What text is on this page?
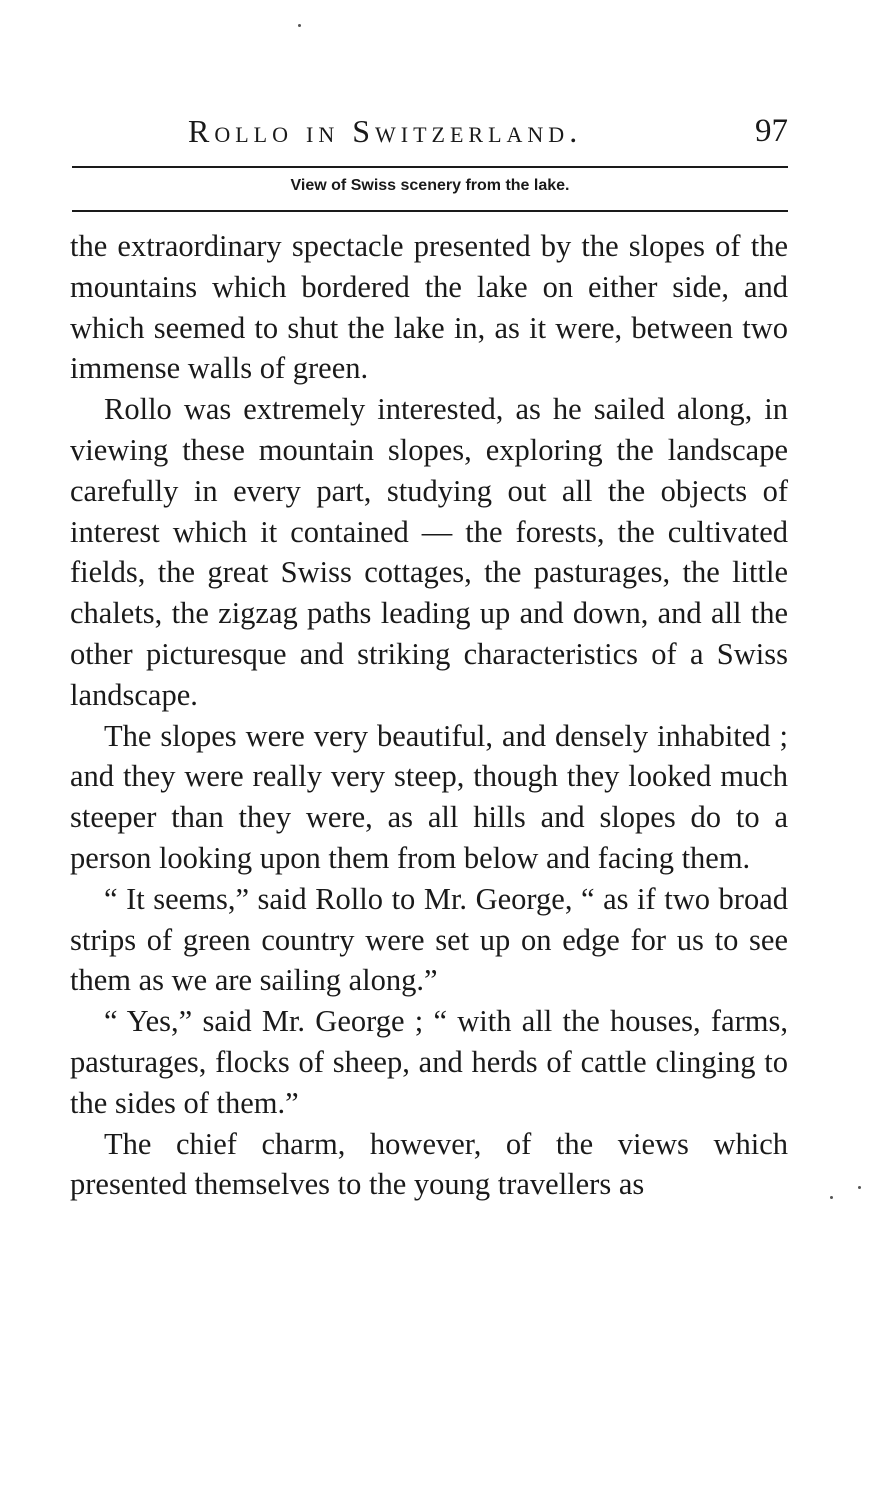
Rollo in Switzerland.	97
View of Swiss scenery from the lake.

the extraordinary spectacle presented by the slopes of the mountains which bordered the lake on either side, and which seemed to shut the lake in, as it were, between two immense walls of green.

Rollo was extremely interested, as he sailed along, in viewing these mountain slopes, exploring the landscape carefully in every part, studying out all the objects of interest which it contained — the forests, the cultivated fields, the great Swiss cottages, the pasturages, the little chalets, the zigzag paths leading up and down, and all the other picturesque and striking characteristics of a Swiss landscape.

The slopes were very beautiful, and densely inhabited ; and they were really very steep, though they looked much steeper than they were, as all hills and slopes do to a person looking upon them from below and facing them.

“ It seems,” said Rollo to Mr. George, “ as if two broad strips of green country were set up on edge for us to see them as we are sailing along.”

“ Yes,” said Mr. George ; “ with all the houses, farms, pasturages, flocks of sheep, and herds of cattle clinging to the sides of them.”

The chief charm, however, of the views which presented themselves to the young travellers as
